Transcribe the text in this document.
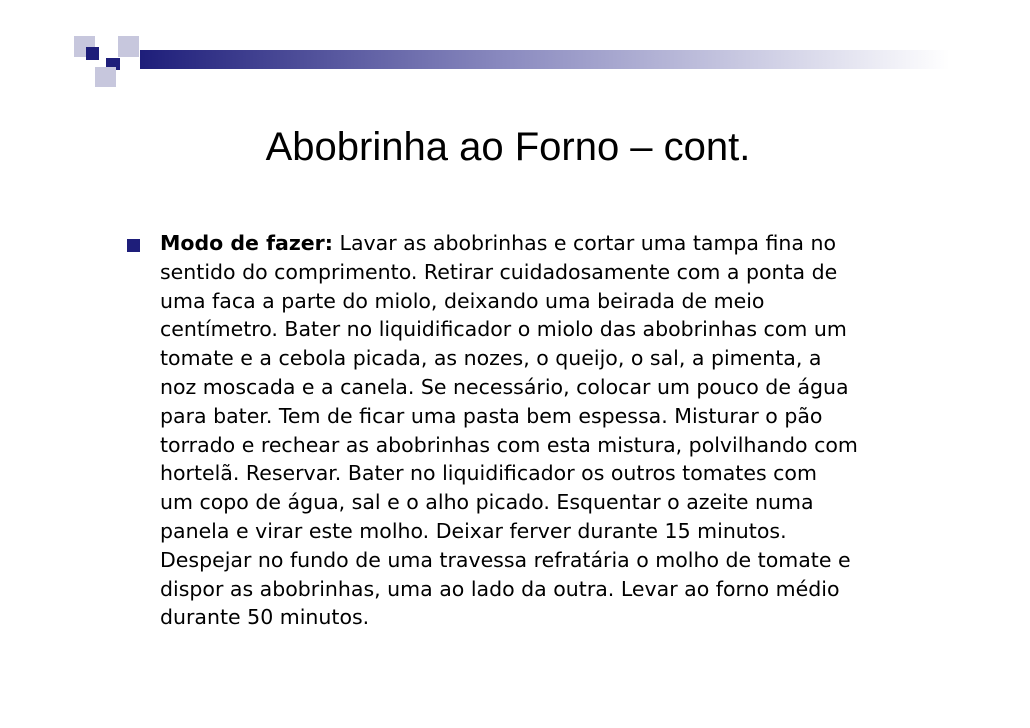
Abobrinha ao Forno – cont.
Modo de fazer: Lavar as abobrinhas e cortar uma tampa fina no
sentido do comprimento. Retirar cuidadosamente com a ponta de
uma faca a parte do miolo, deixando uma beirada de meio
centímetro. Bater no liquidificador o miolo das abobrinhas com um
tomate e a cebola picada, as nozes, o queijo, o sal, a pimenta, a
noz moscada e a canela. Se necessário, colocar um pouco de água
para bater. Tem de ficar uma pasta bem espessa. Misturar o pão
torrado e rechear as abobrinhas com esta mistura, polvilhando com
hortelã. Reservar. Bater no liquidificador os outros tomates com
um copo de água, sal e o alho picado. Esquentar o azeite numa
panela e virar este molho. Deixar ferver durante 15 minutos.
Despejar no fundo de uma travessa refratária o molho de tomate e
dispor as abobrinhas, uma ao lado da outra. Levar ao forno médio
durante 50 minutos.
